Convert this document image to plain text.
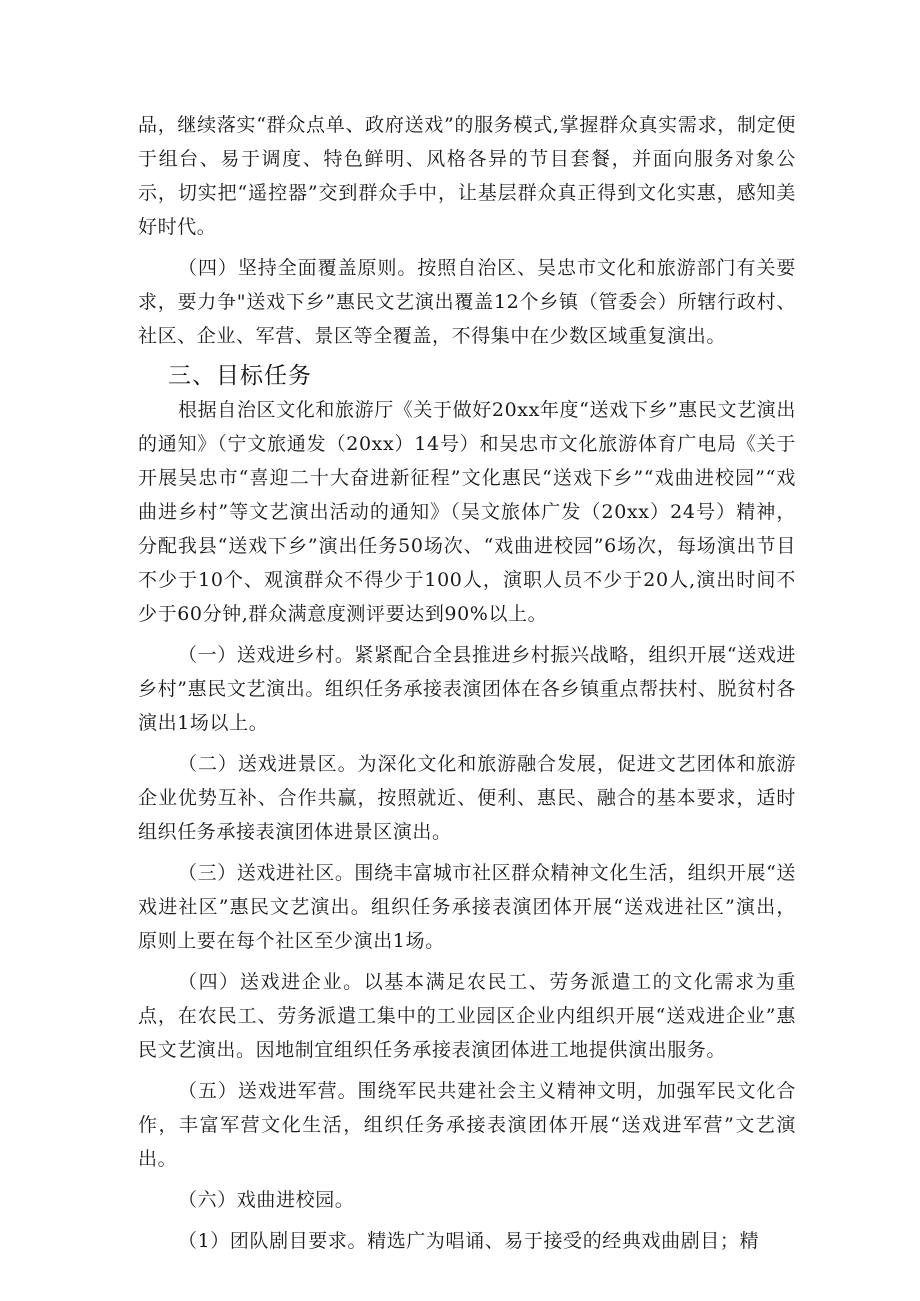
品，继续落实“群众点单、政府送戏”的服务模式,掌握群众真实需求，制定便于组台、易于调度、特色鲜明、风格各异的节目套餐，并面向服务对象公示，切实把“遥控器”交到群众手中，让基层群众真正得到文化实惠，感知美好时代。

（四）坚持全面覆盖原则。按照自治区、吴忠市文化和旅游部门有关要求，要力争"送戏下乡”惠民文艺演出覆盖12个乡镇（管委会）所辖行政村、社区、企业、军营、景区等全覆盖，不得集中在少数区域重复演出。

三、目标任务

根据自治区文化和旅游厅《关于做好20xx年度“送戏下乡”惠民文艺演出的通知》（宁文旅通发（20xx）14号）和吴忠市文化旅游体育广电局《关于开展吴忠市“喜迎二十大奋进新征程”文化惠民“送戏下乡”“戏曲进校园”“戏曲进乡村”等文艺演出活动的通知》（吴文旅体广发（20xx）24号）精神，分配我县“送戏下乡”演出任务50场次、“戏曲进校园”6场次，每场演出节目不少于10个、观演群众不得少于100人，演职人员不少于20人,演出时间不少于60分钟,群众满意度测评要达到90%以上。

（一）送戏进乡村。紧紧配合全县推进乡村振兴战略，组织开展“送戏进乡村”惠民文艺演出。组织任务承接表演团体在各乡镇重点帮扶村、脱贫村各演出1场以上。

（二）送戏进景区。为深化文化和旅游融合发展，促进文艺团体和旅游企业优势互补、合作共赢，按照就近、便利、惠民、融合的基本要求，适时组织任务承接表演团体进景区演出。

（三）送戏进社区。围绕丰富城市社区群众精神文化生活，组织开展“送戏进社区”惠民文艺演出。组织任务承接表演团体开展“送戏进社区”演出，原则上要在每个社区至少演出1场。

（四）送戏进企业。以基本满足农民工、劳务派遣工的文化需求为重点，在农民工、劳务派遣工集中的工业园区企业内组织开展“送戏进企业”惠民文艺演出。因地制宜组织任务承接表演团体进工地提供演出服务。

（五）送戏进军营。围绕军民共建社会主义精神文明，加强军民文化合作，丰富军营文化生活，组织任务承接表演团体开展“送戏进军营”文艺演出。

（六）戏曲进校园。

（1）团队剧目要求。精选广为唱诵、易于接受的经典戏曲剧目；精
